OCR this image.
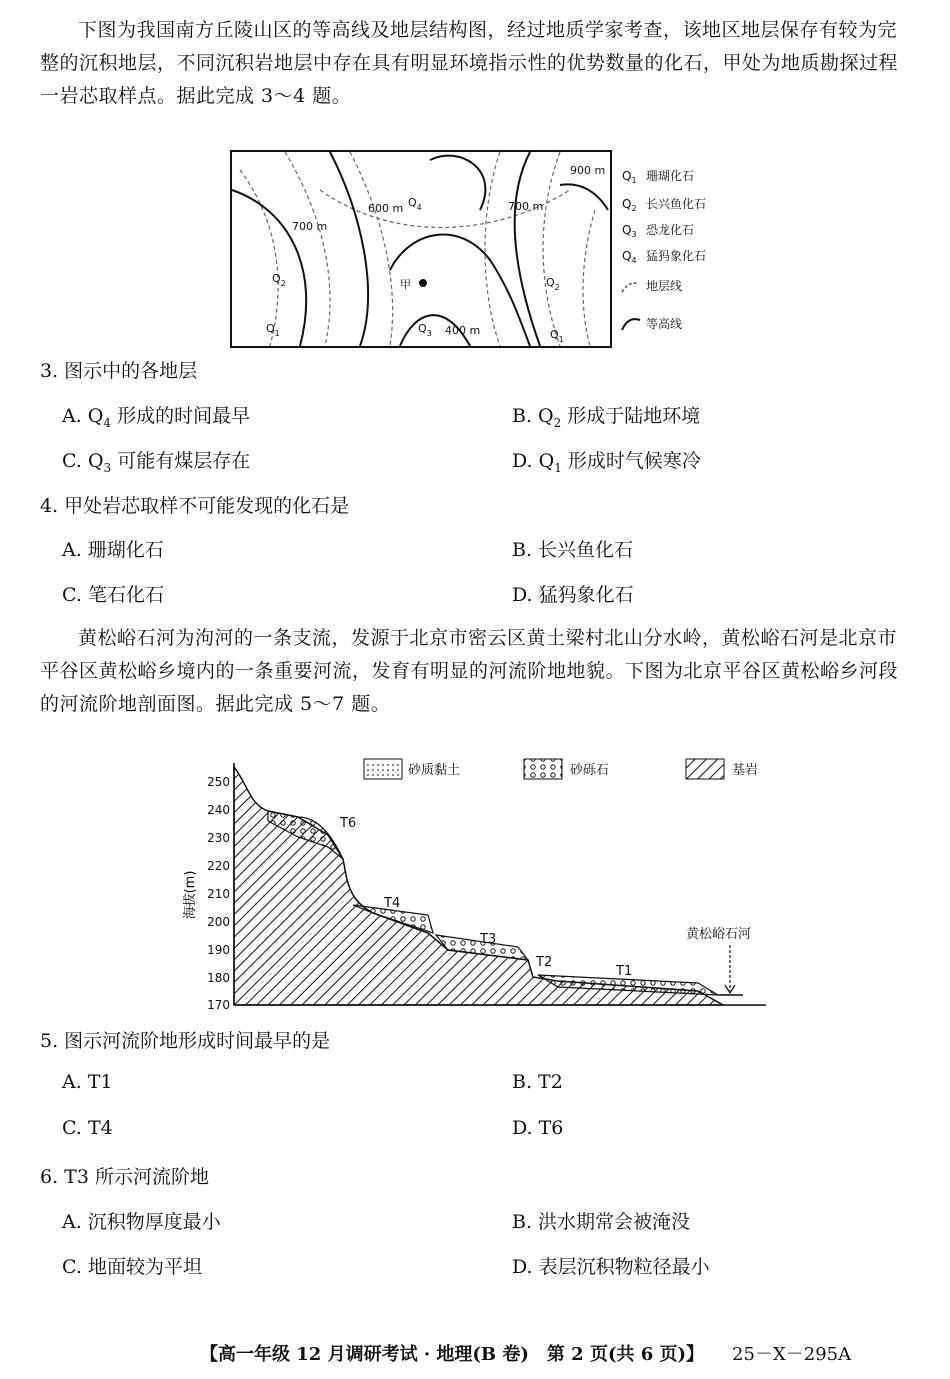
下图为我国南方丘陵山区的等高线及地层结构图，经过地质学家考查，该地区地层保存有较为完整的沉积地层，不同沉积岩地层中存在具有明显环境指示性的优势数量的化石，甲处为地质勘探过程一岩芯取样点。据此完成 3～4 题。

900 m
700 m
600 m	700 m
400 m
$Q_4$
$Q_2$	$Q_2$
$Q_1$	$Q_3$	$Q_1$
甲
$Q_1$ 珊瑚化石
$Q_2$ 长兴鱼化石
$Q_3$ 恐龙化石
$Q_4$ 猛犸象化石
地层线
等高线

3. 图示中的各地层

A. $Q_4$ 形成的时间最早	B. $Q_2$ 形成于陆地环境

C. $Q_3$ 可能有煤层存在	D. $Q_1$ 形成时气候寒冷

4. 甲处岩芯取样不可能发现的化石是

A. 珊瑚化石	B. 长兴鱼化石

C. 笔石化石	D. 猛犸象化石

黄松峪石河为泃河的一条支流，发源于北京市密云区黄土梁村北山分水岭，黄松峪石河是北京市平谷区黄松峪乡境内的一条重要河流，发育有明显的河流阶地地貌。下图为北京平谷区黄松峪乡河段的河流阶地剖面图。据此完成 5～7 题。

250
240
230
220
210
200
190
180
170
海拔(m)
T6
T4
T3
T2
T1
黄松峪石河
砂质黏土	砂砾石	基岩

5. 图示河流阶地形成时间最早的是

A. T1	B. T2

C. T4	D. T6

6. T3 所示河流阶地

A. 沉积物厚度最小	B. 洪水期常会被淹没

C. 地面较为平坦	D. 表层沉积物粒径最小

【高一年级 12 月调研考试 · 地理(B 卷)　第 2 页(共 6 页)】 25－X－295A
